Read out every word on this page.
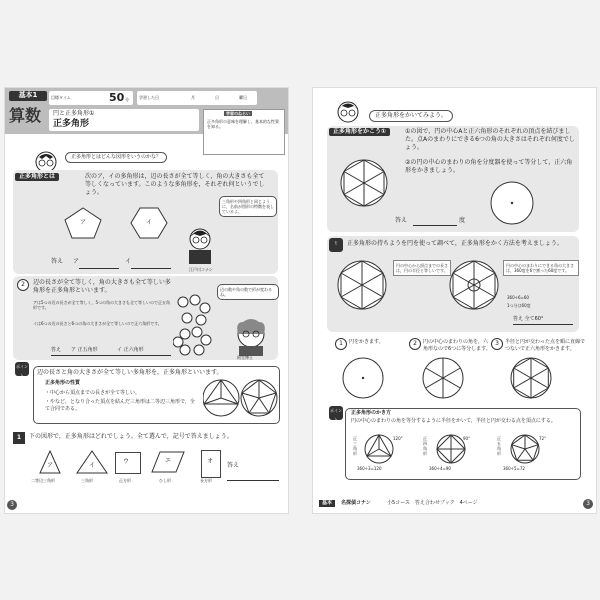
基本1
算数
目標タイム	50 分	学習した日	月	日	曜日
円と正多角形①
正多角形
学習のねらい
正多角形の意味を理解し、基本的な性質を知る。
正多角形とはどんな図形をいうのかな？
正多角形とは	次のア，イの多角形は，辺の長さが全て等しく，角の大きさも全て等しくなっています。このような多角形を，それぞれ何というでしょう。
ア	イ
三角形や四角形と同じように，名前が図形の特徴を表しているよ。
江戸川コナン
答え ア	イ
2	辺の長さが全て等しく，角の大きさも全て等しい多角形を正多角形といいます。
アは5つの辺の長さが全て等しく，5つの角の大きさも全て等しいので正五角形です。
イは6つの辺の長さと6つの角の大きさが全て等しいので正六角形です。
辺の数や角の数で形が変わるね。
阿笠博士
答え ア 正五角形	イ 正六角形
ポイント	辺の長さと角の大きさが全て等しい多角形を，正多角形といいます。
正多角形の性質
・中心から頂点までの長さが全て等しい。
・やなど，となり合った頂点を結んだ三角形は二等辺三角形で，全て合同である。
1	下の図形で，正多角形はどれでしょう。全て選んで，記号で答えましょう。
ア
二等辺三角形
イ
三角形
ウ
正方形
エ
ひし形
オ
長方形
答え
3
正多角形をかいてみよう。
正多角形をかこう①	①の図で，円の中心Aと正六角形のそれぞれの頂点を結びました。点Aのまわりにできる6つの角の大きさはそれぞれ何度でしょう。
②の円の中心のまわりの角を分度器を使って等分して，正六角形をかきましょう。
答え	度
ヒ	正多角形の持ちようを円を使って調べて，正多角形をかく方法を考えましょう。
円の中心から頂点までの長さは，円の半径と等しいです。
円の中心のまわりにできる角の大きさは，360度を6で割った60度です。
360÷6=60
1つ分は60度
答え 全て60°
1	円をかきます。	2	円の中心のまわりの角を，六角形なので6つに等分します。
3	半径と円が交わった点を順に直線でつないで正六角形をかきます。
ポイント
正多角形のかき方
円の中心のまわりの角を等分するように半径をかいて，半径と円が交わる点を頂点にする。
正三角形
120°
360÷3=120
正四角形
90°
360÷4=90
正五角形
72°
360÷5=72
基本	名探偵コナン	小5コース　答え合わせブック　4ページ	3
